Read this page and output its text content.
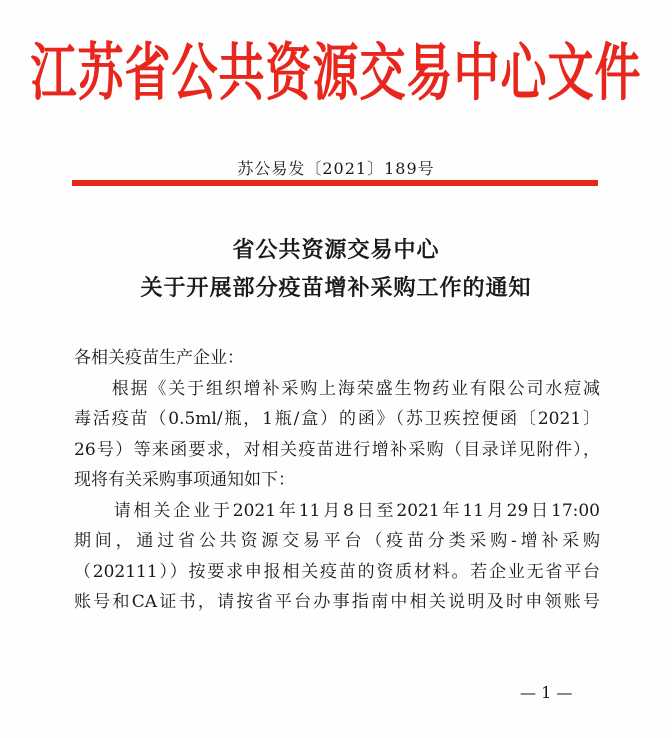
江苏省公共资源交易中心文件
苏公易发〔2021〕189号
省公共资源交易中心
关于开展部分疫苗增补采购工作的通知
各相关疫苗生产企业：
　　根据《关于组织增补采购上海荣盛生物药业有限公司水痘减
毒活疫苗（0.5ml/瓶，1瓶/盒）的函》（苏卫疾控便函〔2021〕
26号）等来函要求，对相关疫苗进行增补采购（目录详见附件），
现将有关采购事项通知如下：
　　请相关企业于2021年11月8日至2021年11月29日17:00
期间，通过省公共资源交易平台（疫苗分类采购-增补采购
（202111））按要求申报相关疫苗的资质材料。若企业无省平台
账号和CA证书，请按省平台办事指南中相关说明及时申领账号
— 1 —
